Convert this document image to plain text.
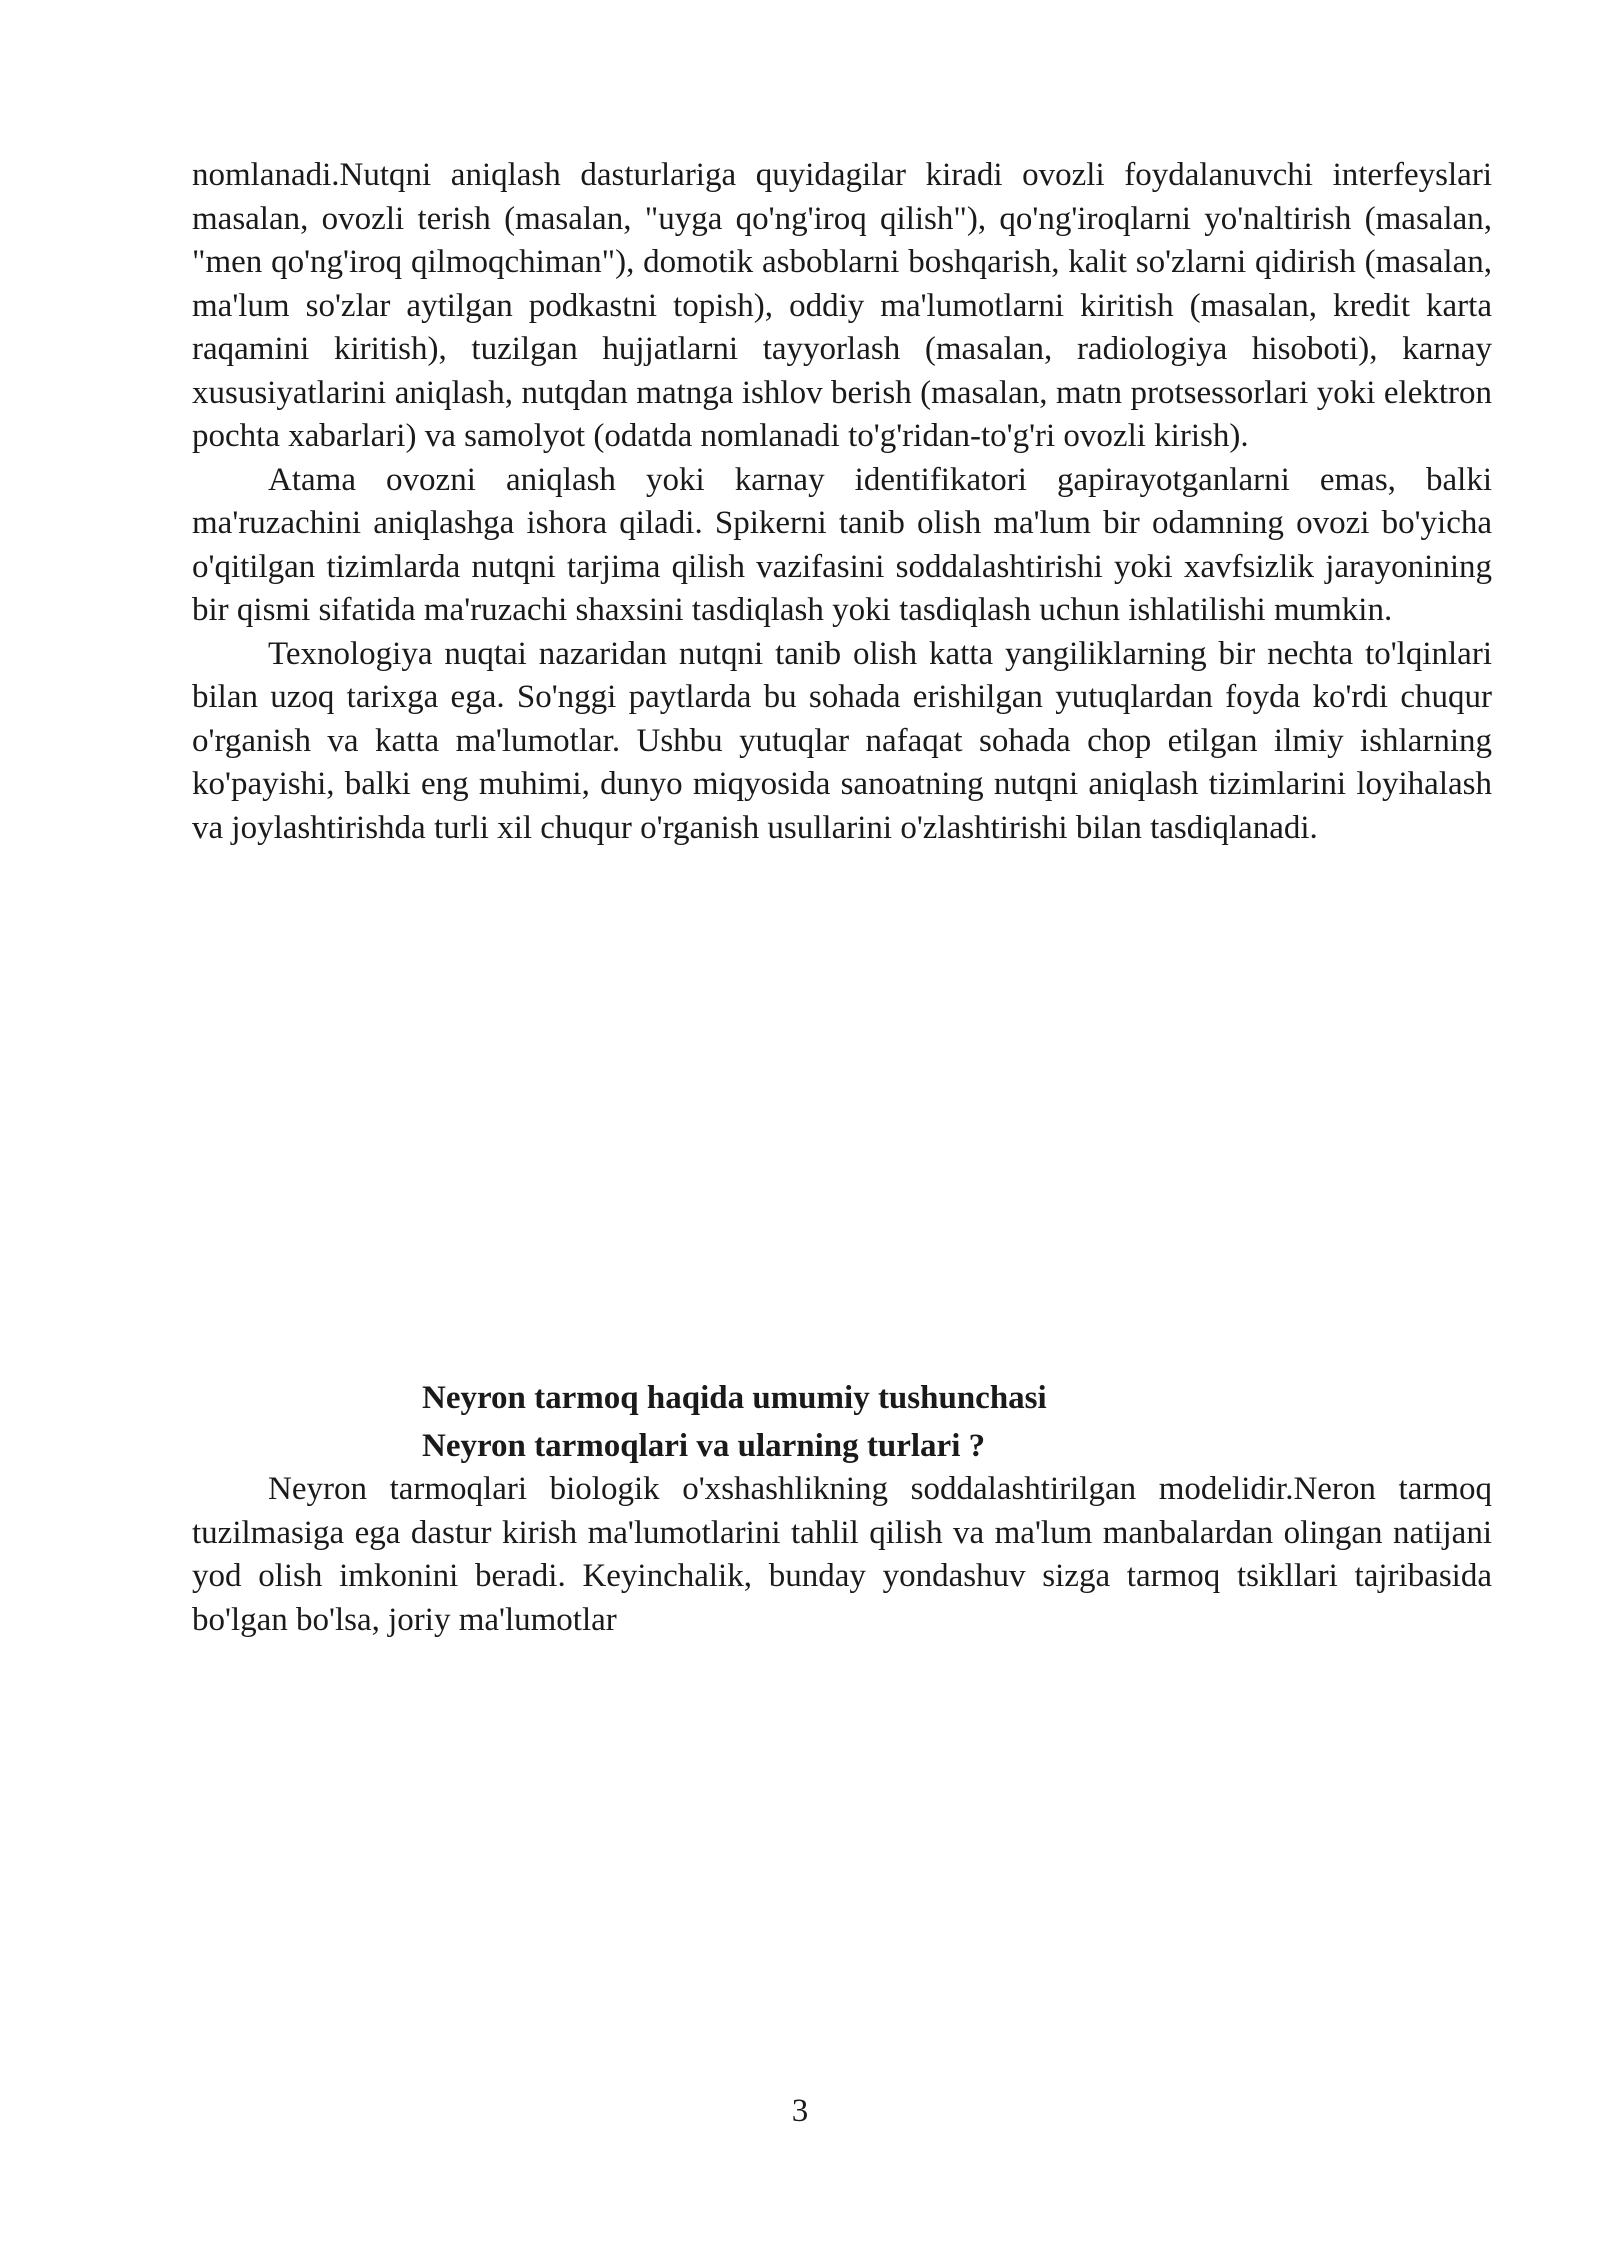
nomlanadi.Nutqni aniqlash dasturlariga quyidagilar kiradi ovozli foydalanuvchi interfeyslari masalan, ovozli terish (masalan, "uyga qo'ng'iroq qilish"), qo'ng'iroqlarni yo'naltirish (masalan, "men qo'ng'iroq qilmoqchiman"), domotik asboblarni boshqarish, kalit so'zlarni qidirish (masalan, ma'lum so'zlar aytilgan podkastni topish), oddiy ma'lumotlarni kiritish (masalan, kredit karta raqamini kiritish), tuzilgan hujjatlarni tayyorlash (masalan, radiologiya hisoboti), karnay xususiyatlarini aniqlash, nutqdan matnga ishlov berish (masalan, matn protsessorlari yoki elektron pochta xabarlari) va samolyot (odatda nomlanadi to'g'ridan-to'g'ri ovozli kirish).

Atama ovozni aniqlash yoki karnay identifikatori gapirayotganlarni emas, balki ma'ruzachini aniqlashga ishora qiladi. Spikerni tanib olish ma'lum bir odamning ovozi bo'yicha o'qitilgan tizimlarda nutqni tarjima qilish vazifasini soddalashtirishi yoki xavfsizlik jarayonining bir qismi sifatida ma'ruzachi shaxsini tasdiqlash yoki tasdiqlash uchun ishlatilishi mumkin.

Texnologiya nuqtai nazaridan nutqni tanib olish katta yangiliklarning bir nechta to'lqinlari bilan uzoq tarixga ega. So'nggi paytlarda bu sohada erishilgan yutuqlardan foyda ko'rdi chuqur o'rganish va katta ma'lumotlar. Ushbu yutuqlar nafaqat sohada chop etilgan ilmiy ishlarning ko'payishi, balki eng muhimi, dunyo miqyosida sanoatning nutqni aniqlash tizimlarini loyihalash va joylashtirishda turli xil chuqur o'rganish usullarini o'zlashtirishi bilan tasdiqlanadi.

Neyron tarmoq haqida umumiy tushunchasi
Neyron tarmoqlari va ularning turlari ?

Neyron tarmoqlari biologik o'xshashlikning soddalashtirilgan modelidir.Neron tarmoq tuzilmasiga ega dastur kirish ma'lumotlarini tahlil qilish va ma'lum manbalardan olingan natijani yod olish imkonini beradi. Keyinchalik, bunday yondashuv sizga tarmoq tsikllari tajribasida bo'lgan bo'lsa, joriy ma'lumotlar

3
